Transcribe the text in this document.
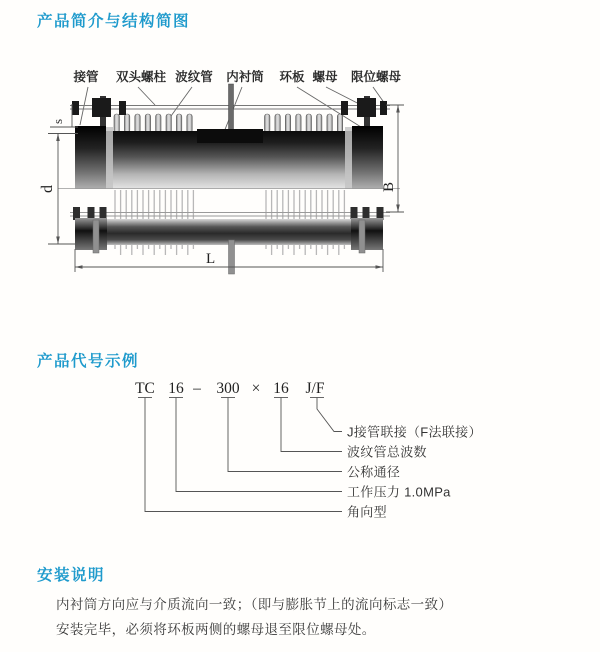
产品简介与结构简图
接管 双头螺柱 波纹管 内衬筒 环板 螺母 限位螺母
s
d	B
L
产品代号示例
TC 16 – 300 × 16 J/F
J接管联接（F法联接）
波纹管总波数
公称通径
工作压力 1.0MPa
角向型
安装说明

内衬筒方向应与介质流向一致；（即与膨胀节上的流向标志一致）

安装完毕，必须将环板两侧的螺母退至限位螺母处。
